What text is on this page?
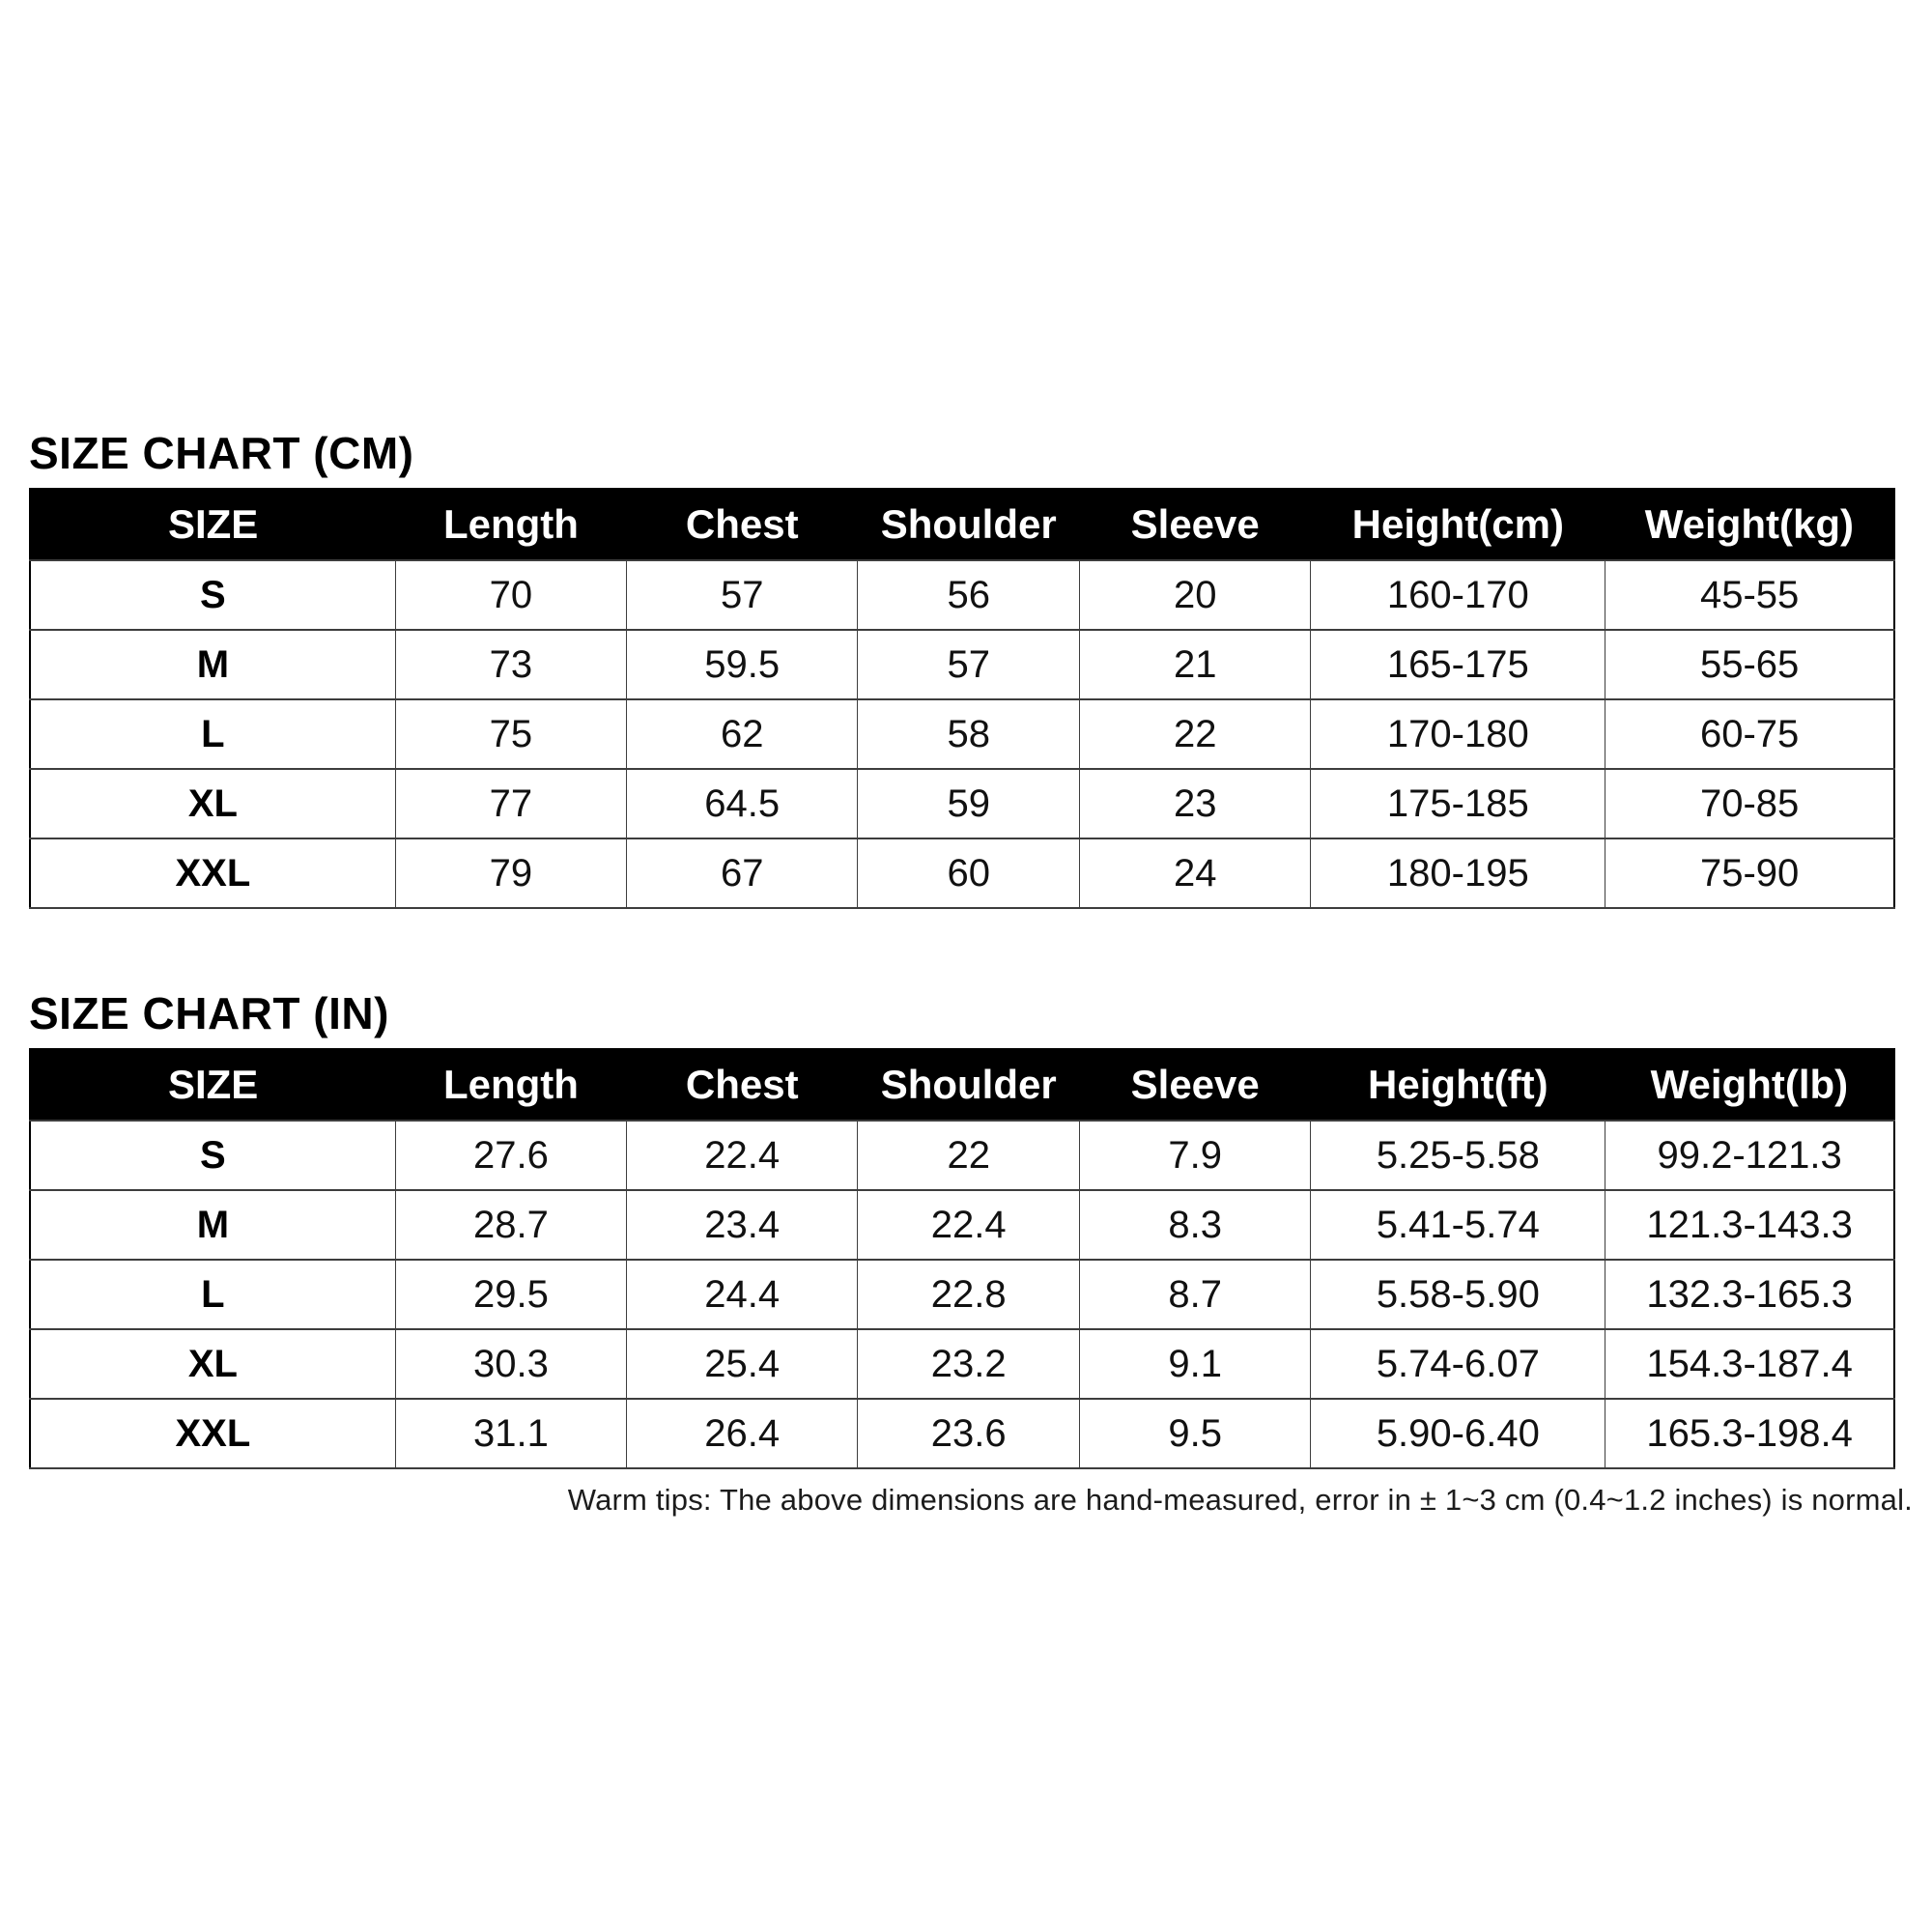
SIZE CHART (CM)
SIZE	Length	Chest	Shoulder	Sleeve	Height(cm)	Weight(kg)
S	70	57	56	20	160-170	45-55
M	73	59.5	57	21	165-175	55-65
L	75	62	58	22	170-180	60-75
XL	77	64.5	59	23	175-185	70-85
XXL	79	67	60	24	180-195	75-90
SIZE CHART (IN)
SIZE	Length	Chest	Shoulder	Sleeve	Height(ft)	Weight(lb)
S	27.6	22.4	22	7.9	5.25-5.58	99.2-121.3
M	28.7	23.4	22.4	8.3	5.41-5.74	121.3-143.3
L	29.5	24.4	22.8	8.7	5.58-5.90	132.3-165.3
XL	30.3	25.4	23.2	9.1	5.74-6.07	154.3-187.4
XXL	31.1	26.4	23.6	9.5	5.90-6.40	165.3-198.4
Warm tips: The above dimensions are hand-measured, error in ± 1~3 cm (0.4~1.2 inches) is normal.
